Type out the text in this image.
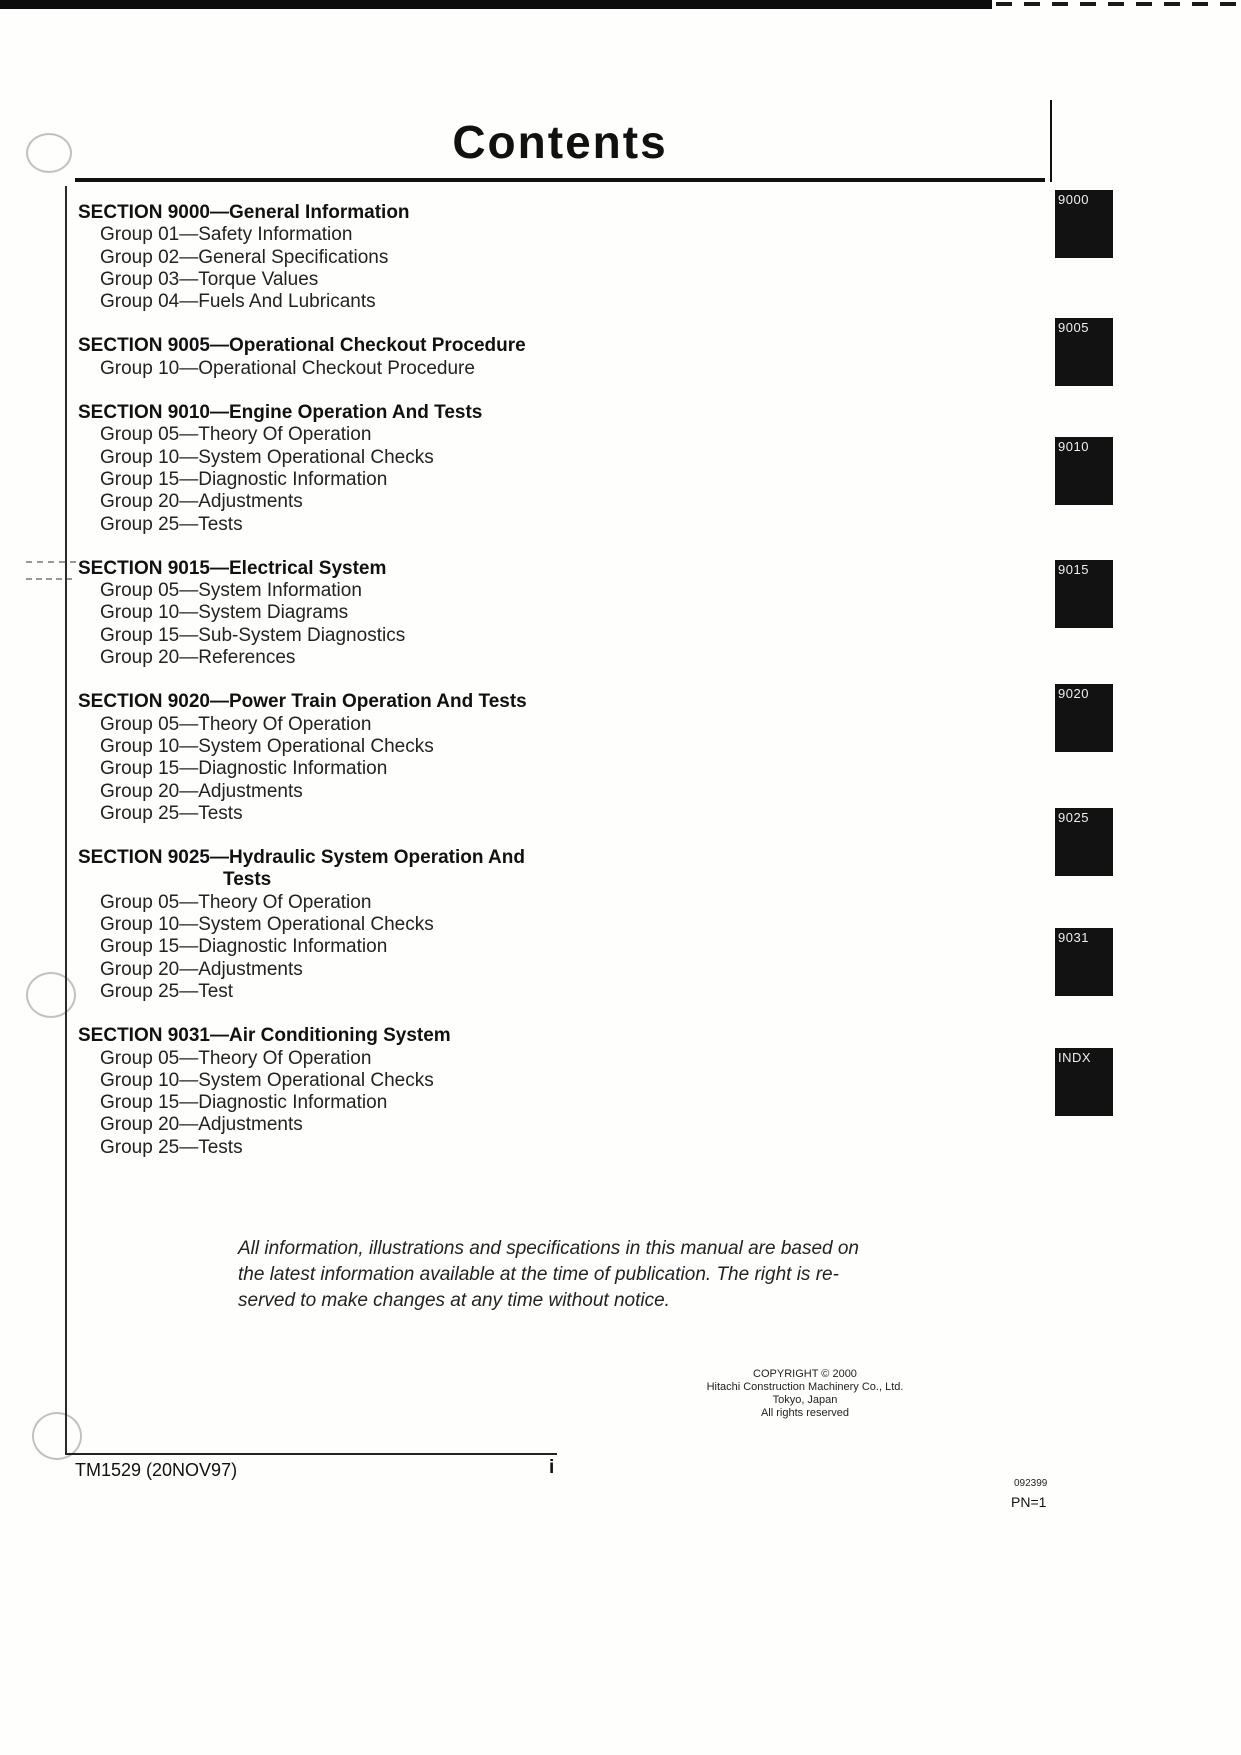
Contents
SECTION 9000—General Information
Group 01—Safety Information
Group 02—General Specifications
Group 03—Torque Values
Group 04—Fuels And Lubricants
SECTION 9005—Operational Checkout Procedure
Group 10—Operational Checkout Procedure
SECTION 9010—Engine Operation And Tests
Group 05—Theory Of Operation
Group 10—System Operational Checks
Group 15—Diagnostic Information
Group 20—Adjustments
Group 25—Tests
SECTION 9015—Electrical System
Group 05—System Information
Group 10—System Diagrams
Group 15—Sub-System Diagnostics
Group 20—References
SECTION 9020—Power Train Operation And Tests
Group 05—Theory Of Operation
Group 10—System Operational Checks
Group 15—Diagnostic Information
Group 20—Adjustments
Group 25—Tests
SECTION 9025—Hydraulic System Operation And
Tests
Group 05—Theory Of Operation
Group 10—System Operational Checks
Group 15—Diagnostic Information
Group 20—Adjustments
Group 25—Test
SECTION 9031—Air Conditioning System
Group 05—Theory Of Operation
Group 10—System Operational Checks
Group 15—Diagnostic Information
Group 20—Adjustments
Group 25—Tests
9000
9005
9010
9015
9020
9025
9031
INDX
All information, illustrations and specifications in this manual are based on
the latest information available at the time of publication. The right is re-
served to make changes at any time without notice.
COPYRIGHT © 2000
Hitachi Construction Machinery Co., Ltd.
Tokyo, Japan
All rights reserved
TM1529 (20NOV97)	i
092399
PN=1
